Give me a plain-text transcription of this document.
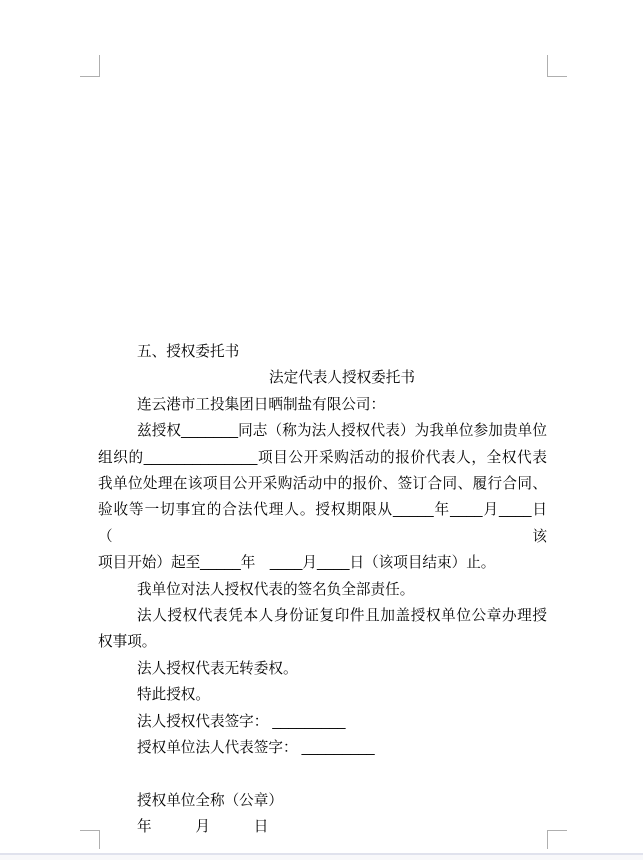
五、授权委托书
法定代表人授权委托书
连云港市工投集团日晒制盐有限公司：
兹授权_______同志（称为法人授权代表）为我单位参加贵单位
组织的______________项目公开采购活动的报价代表人，全权代表
我单位处理在该项目公开采购活动中的报价、签订合同、履行合同、
验收等一切事宜的合法代理人。授权期限从_____年____月____日（该
项目开始）起至_____年　____月____日（该项目结束）止。
我单位对法人授权代表的签名负全部责任。
法人授权代表凭本人身份证复印件且加盖授权单位公章办理授
权事项。
法人授权代表无转委权。
特此授权。
法人授权代表签字： _________
授权单位法人代表签字： _________
授权单位全称（公章）
年　　　月　　　日
